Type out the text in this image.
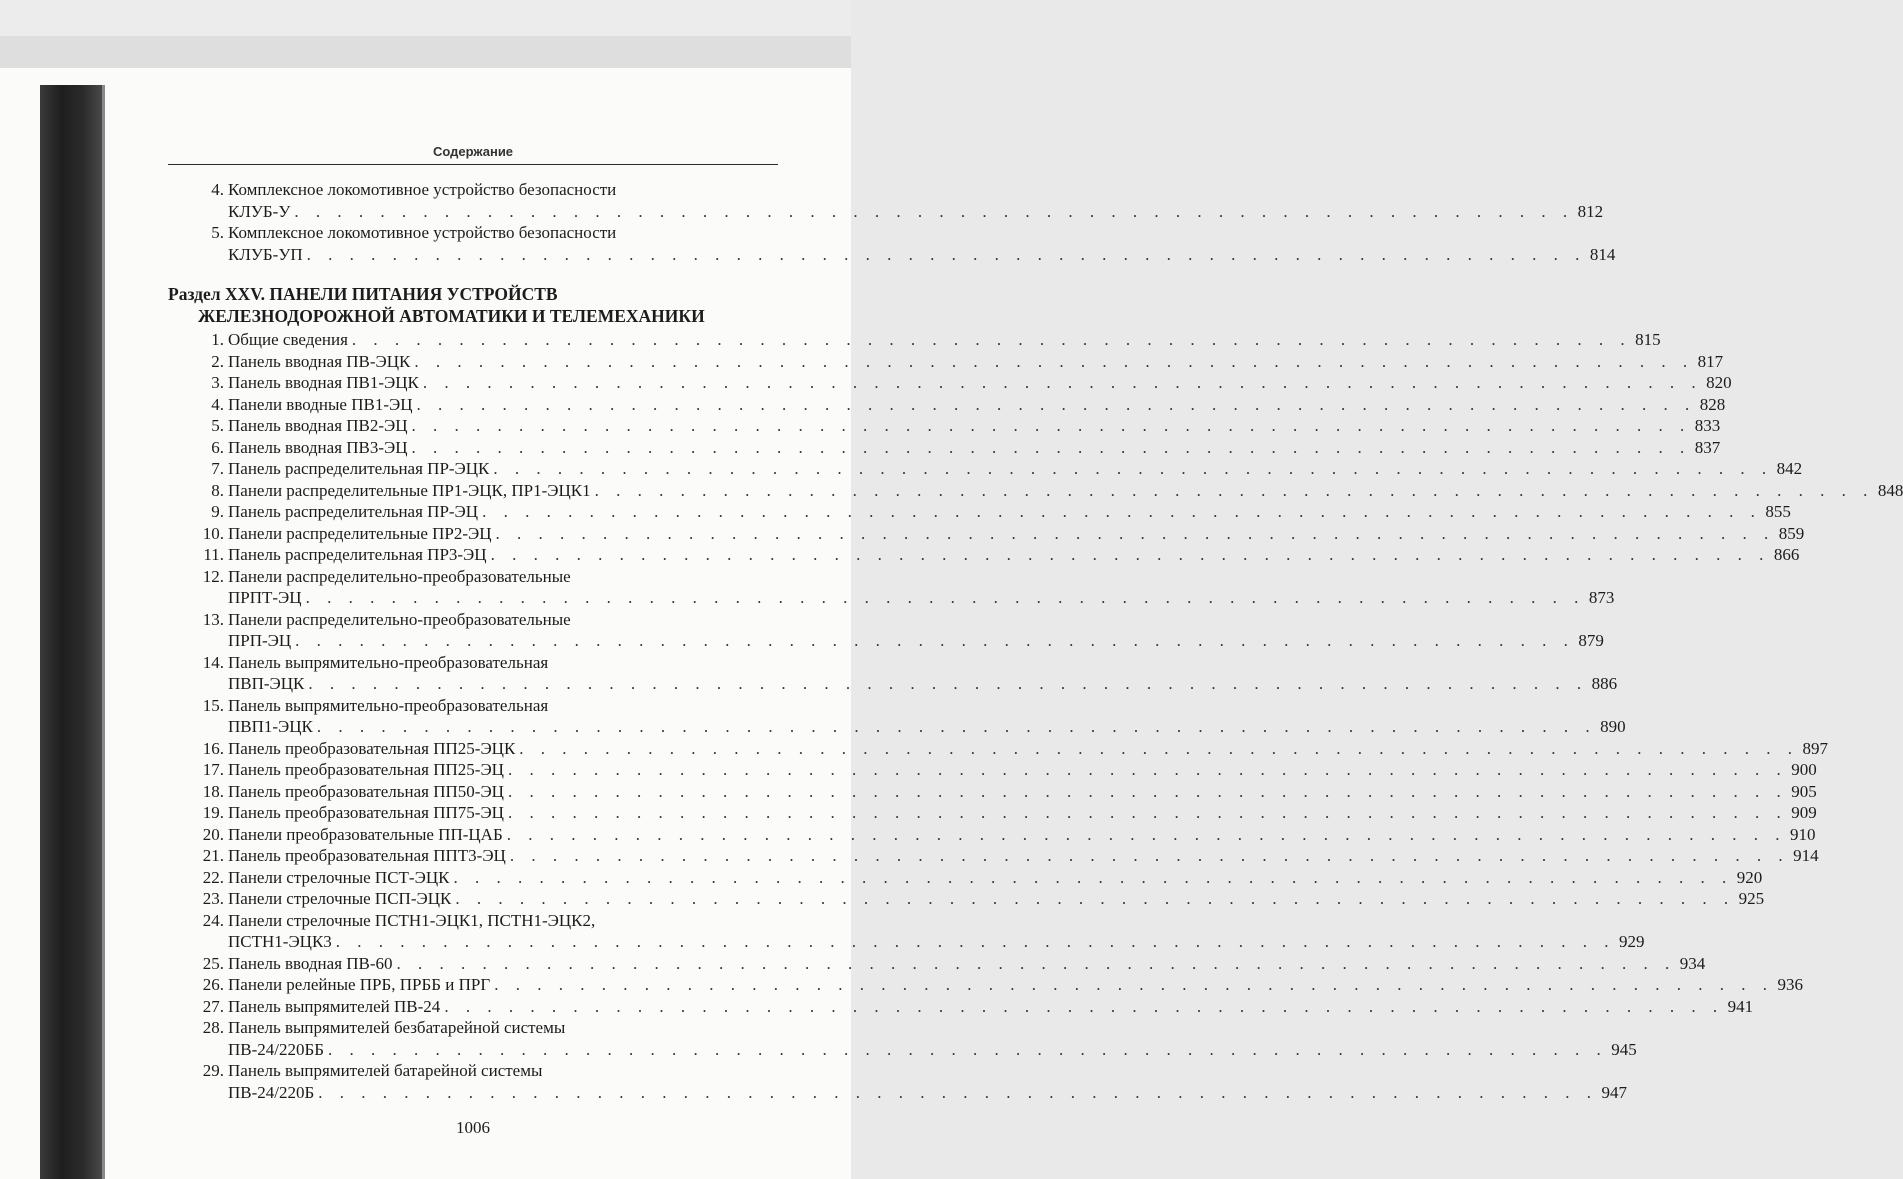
Содержание
4. Комплексное локомотивное устройство безопасности
КЛУБ-У . . . . . . . . . . . . . . . . . . . . . . . . . . . . . . . . . . . . . . . . . . . . . . . . . . . . . . . . . . . . 812
5. Комплексное локомотивное устройство безопасности
КЛУБ-УП . . . . . . . . . . . . . . . . . . . . . . . . . . . . . . . . . . . . . . . . . . . . . . . . . . . . . . . . . . . . 814
Раздел XXV. ПАНЕЛИ ПИТАНИЯ УСТРОЙСТВ
ЖЕЛЕЗНОДОРОЖНОЙ АВТОМАТИКИ И ТЕЛЕМЕХАНИКИ
1. Общие сведения . . . . . . . . . . . . . . . . . . . . . . . . . . . . . . . . . . . . . . . . . . . . . . . . . . . . . . . . . . . . 815
2. Панель вводная ПВ-ЭЦК . . . . . . . . . . . . . . . . . . . . . . . . . . . . . . . . . . . . . . . . . . . . . . . . . . . . . . . . . . . . 817
3. Панель вводная ПВ1-ЭЦК . . . . . . . . . . . . . . . . . . . . . . . . . . . . . . . . . . . . . . . . . . . . . . . . . . . . . . . . . . . . 820
4. Панели вводные ПВ1-ЭЦ . . . . . . . . . . . . . . . . . . . . . . . . . . . . . . . . . . . . . . . . . . . . . . . . . . . . . . . . . . . . 828
5. Панель вводная ПВ2-ЭЦ . . . . . . . . . . . . . . . . . . . . . . . . . . . . . . . . . . . . . . . . . . . . . . . . . . . . . . . . . . . . 833
6. Панель вводная ПВ3-ЭЦ . . . . . . . . . . . . . . . . . . . . . . . . . . . . . . . . . . . . . . . . . . . . . . . . . . . . . . . . . . . . 837
7. Панель распределительная ПР-ЭЦК . . . . . . . . . . . . . . . . . . . . . . . . . . . . . . . . . . . . . . . . . . . . . . . . . . . . . . . . . . . . 842
8. Панели распределительные ПР1-ЭЦК, ПР1-ЭЦК1 . . . . . . . . . . . . . . . . . . . . . . . . . . . . . . . . . . . . . . . . . . . . . . . . . . . . . . . . . . . . 848
9. Панель распределительная ПР-ЭЦ . . . . . . . . . . . . . . . . . . . . . . . . . . . . . . . . . . . . . . . . . . . . . . . . . . . . . . . . . . . . 855
10. Панели распределительные ПР2-ЭЦ . . . . . . . . . . . . . . . . . . . . . . . . . . . . . . . . . . . . . . . . . . . . . . . . . . . . . . . . . . . . 859
11. Панель распределительная ПР3-ЭЦ . . . . . . . . . . . . . . . . . . . . . . . . . . . . . . . . . . . . . . . . . . . . . . . . . . . . . . . . . . . . 866
12. Панели распределительно-преобразовательные
ПРПТ-ЭЦ . . . . . . . . . . . . . . . . . . . . . . . . . . . . . . . . . . . . . . . . . . . . . . . . . . . . . . . . . . . . 873
13. Панели распределительно-преобразовательные
ПРП-ЭЦ . . . . . . . . . . . . . . . . . . . . . . . . . . . . . . . . . . . . . . . . . . . . . . . . . . . . . . . . . . . . 879
14. Панель выпрямительно-преобразовательная
ПВП-ЭЦК . . . . . . . . . . . . . . . . . . . . . . . . . . . . . . . . . . . . . . . . . . . . . . . . . . . . . . . . . . . . 886
15. Панель выпрямительно-преобразовательная
ПВП1-ЭЦК . . . . . . . . . . . . . . . . . . . . . . . . . . . . . . . . . . . . . . . . . . . . . . . . . . . . . . . . . . . . 890
16. Панель преобразовательная ПП25-ЭЦК . . . . . . . . . . . . . . . . . . . . . . . . . . . . . . . . . . . . . . . . . . . . . . . . . . . . . . . . . . . . 897
17. Панель преобразовательная ПП25-ЭЦ . . . . . . . . . . . . . . . . . . . . . . . . . . . . . . . . . . . . . . . . . . . . . . . . . . . . . . . . . . . . 900
18. Панель преобразовательная ПП50-ЭЦ . . . . . . . . . . . . . . . . . . . . . . . . . . . . . . . . . . . . . . . . . . . . . . . . . . . . . . . . . . . . 905
19. Панель преобразовательная ПП75-ЭЦ . . . . . . . . . . . . . . . . . . . . . . . . . . . . . . . . . . . . . . . . . . . . . . . . . . . . . . . . . . . . 909
20. Панели преобразовательные ПП-ЦАБ . . . . . . . . . . . . . . . . . . . . . . . . . . . . . . . . . . . . . . . . . . . . . . . . . . . . . . . . . . . . 910
21. Панель преобразовательная ППТ3-ЭЦ . . . . . . . . . . . . . . . . . . . . . . . . . . . . . . . . . . . . . . . . . . . . . . . . . . . . . . . . . . . . 914
22. Панели стрелочные ПСТ-ЭЦК . . . . . . . . . . . . . . . . . . . . . . . . . . . . . . . . . . . . . . . . . . . . . . . . . . . . . . . . . . . . 920
23. Панели стрелочные ПСП-ЭЦК . . . . . . . . . . . . . . . . . . . . . . . . . . . . . . . . . . . . . . . . . . . . . . . . . . . . . . . . . . . . 925
24. Панели стрелочные ПСТН1-ЭЦК1, ПСТН1-ЭЦК2,
ПСТН1-ЭЦК3 . . . . . . . . . . . . . . . . . . . . . . . . . . . . . . . . . . . . . . . . . . . . . . . . . . . . . . . . . . . . 929
25. Панель вводная ПВ-60 . . . . . . . . . . . . . . . . . . . . . . . . . . . . . . . . . . . . . . . . . . . . . . . . . . . . . . . . . . . . 934
26. Панели релейные ПРБ, ПРББ и ПРГ . . . . . . . . . . . . . . . . . . . . . . . . . . . . . . . . . . . . . . . . . . . . . . . . . . . . . . . . . . . . 936
27. Панель выпрямителей ПВ-24 . . . . . . . . . . . . . . . . . . . . . . . . . . . . . . . . . . . . . . . . . . . . . . . . . . . . . . . . . . . . 941
28. Панель выпрямителей безбатарейной системы
ПВ-24/220ББ . . . . . . . . . . . . . . . . . . . . . . . . . . . . . . . . . . . . . . . . . . . . . . . . . . . . . . . . . . . . 945
29. Панель выпрямителей батарейной системы
ПВ-24/220Б . . . . . . . . . . . . . . . . . . . . . . . . . . . . . . . . . . . . . . . . . . . . . . . . . . . . . . . . . . . . 947
1006
